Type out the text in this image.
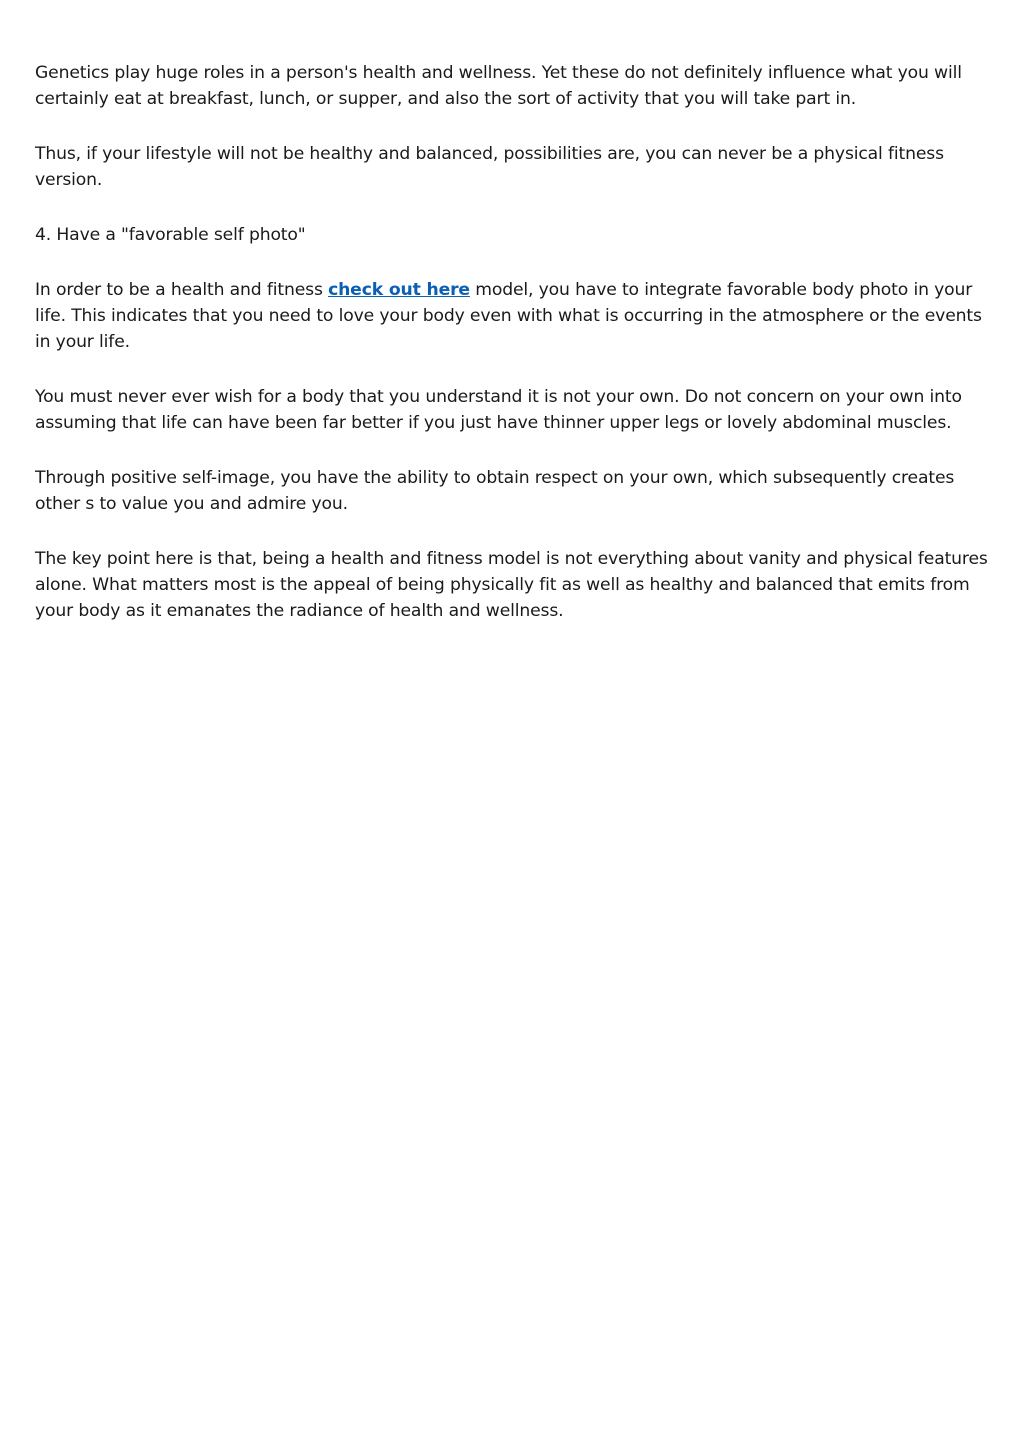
Genetics play huge roles in a person's health and wellness. Yet these do not definitely influence what you will certainly eat at breakfast, lunch, or supper, and also the sort of activity that you will take part in.

Thus, if your lifestyle will not be healthy and balanced, possibilities are, you can never be a physical fitness version.

4. Have a "favorable self photo"

In order to be a health and fitness check out here model, you have to integrate favorable body photo in your life. This indicates that you need to love your body even with what is occurring in the atmosphere or the events in your life.

You must never ever wish for a body that you understand it is not your own. Do not concern on your own into assuming that life can have been far better if you just have thinner upper legs or lovely abdominal muscles.

Through positive self-image, you have the ability to obtain respect on your own, which subsequently creates other s to value you and admire you.

The key point here is that, being a health and fitness model is not everything about vanity and physical features alone. What matters most is the appeal of being physically fit as well as healthy and balanced that emits from your body as it emanates the radiance of health and wellness.
